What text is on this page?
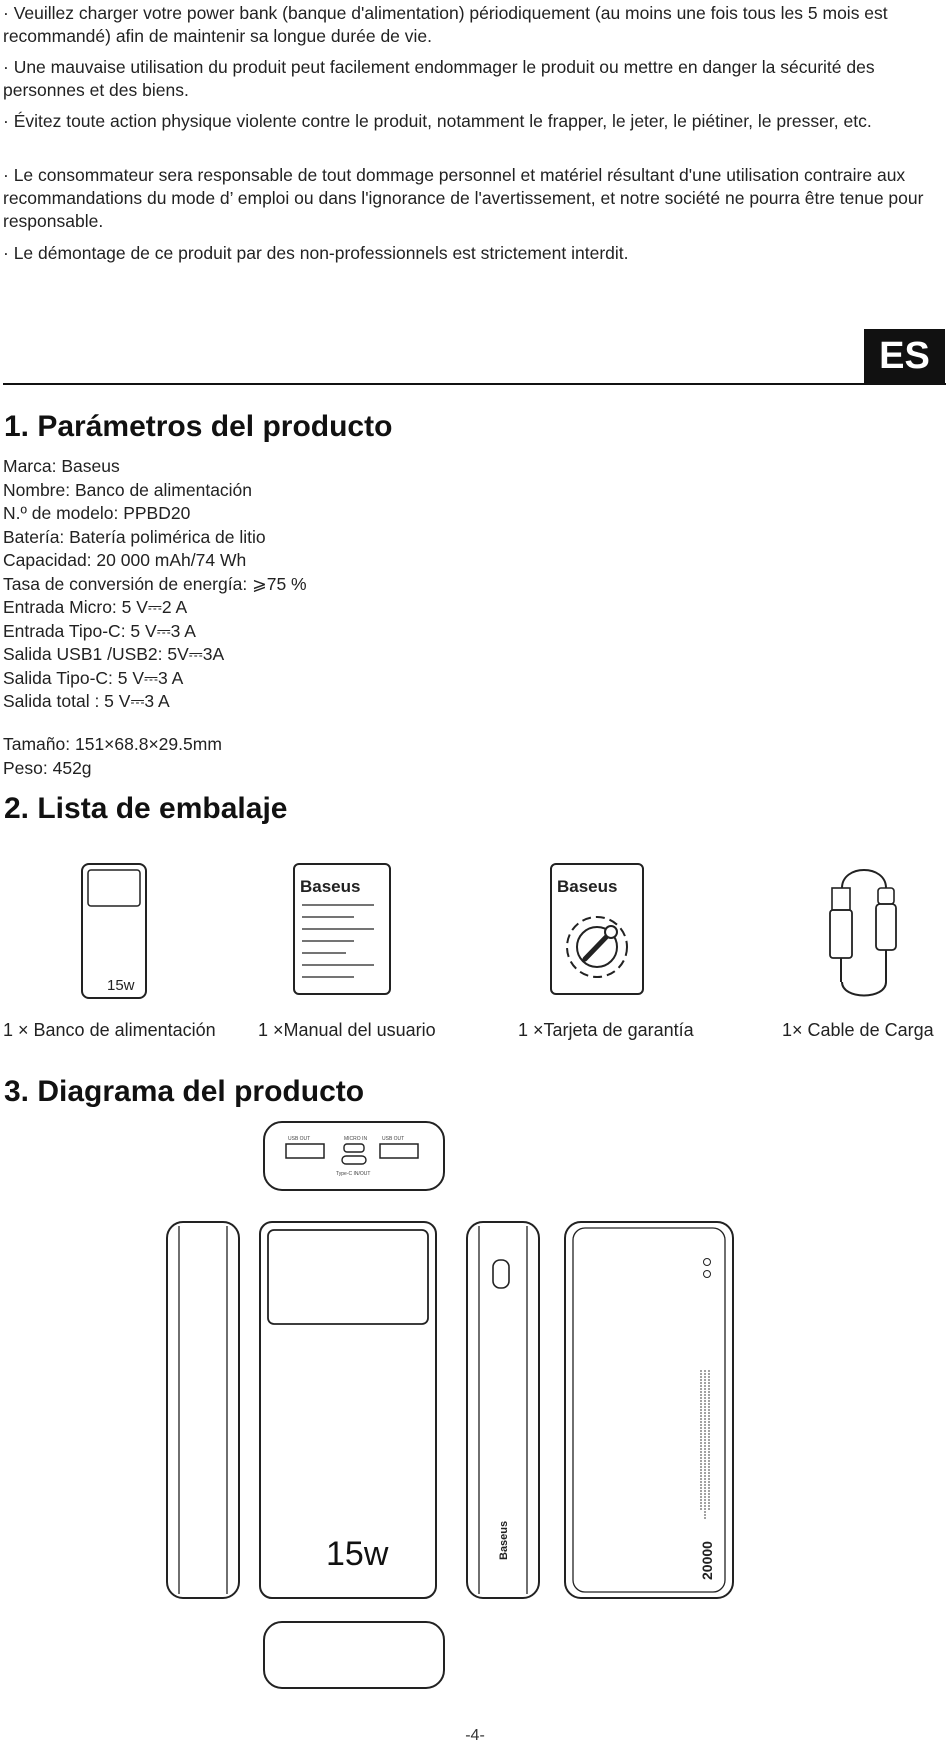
· Veuillez charger votre power bank (banque d'alimentation) périodiquement (au moins une fois tous les 5 mois est recommandé) afin de maintenir sa longue durée de vie.
· Une mauvaise utilisation du produit peut facilement endommager le produit ou mettre en danger la sécurité des personnes et des biens.
· Évitez toute action physique violente contre le produit, notamment le frapper, le jeter, le piétiner, le presser, etc.
· Le consommateur sera responsable de tout dommage personnel et matériel résultant d'une utilisation contraire aux recommandations du mode d’ emploi ou dans l'ignorance de l'avertissement, et notre société ne pourra être tenue pour responsable.
· Le démontage de ce produit par des non-professionnels est strictement interdit.
ES
1. Parámetros del producto
Marca: Baseus
Nombre: Banco de alimentación
N.º de modelo: PPBD20
Batería: Batería polimérica de litio
Capacidad: 20 000 mAh/74 Wh
Tasa de conversión de energía: ⩾75 %
Entrada Micro: 5 V⎓2 A
Entrada Tipo-C: 5 V⎓3 A
Salida USB1 /USB2: 5V⎓3A
Salida Tipo-C: 5 V⎓3 A
Salida total : 5 V⎓3 A
Tamaño: 151×68.8×29.5mm
Peso: 452g
2. Lista de embalaje
15w
Baseus	Baseus
1 × Banco de alimentación 1 ×Manual del usuario	1 ×Tarjeta de garantía	1× Cable de Carga
3. Diagrama del producto
USB OUT	MICRO IN
Type-C IN/OUT
USB OUT
15w	Baseus
20000
-4-
